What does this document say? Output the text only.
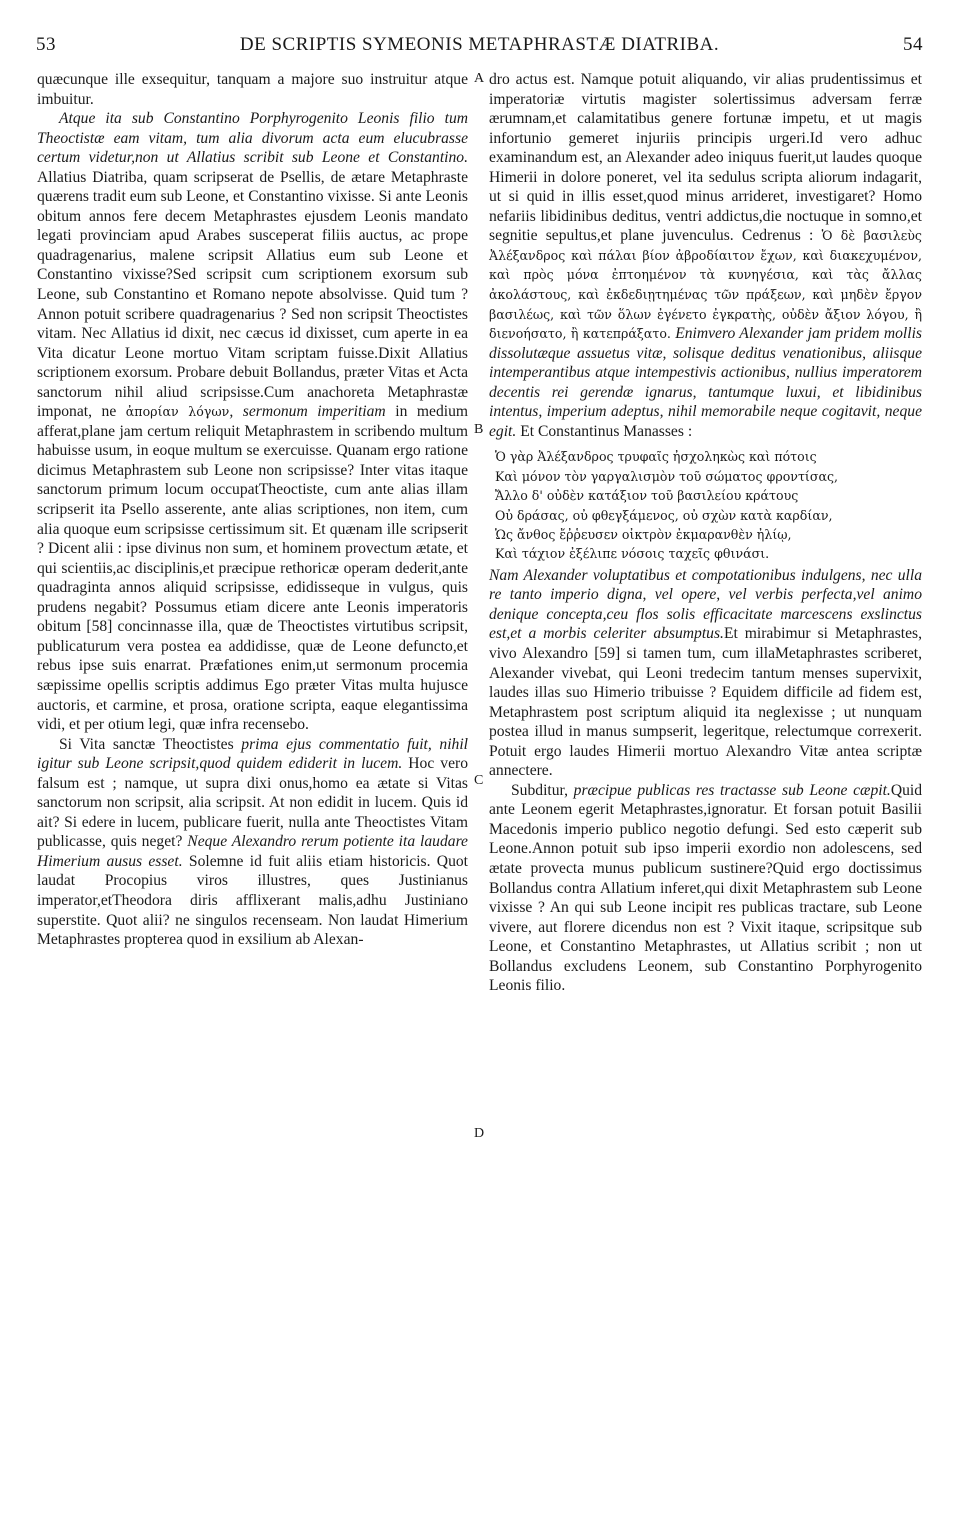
53	DE SCRIPTIS SYMEONIS METAPHRASTÆ DIATRIBA.	54
A
B
C
D

quæcunque ille exsequitur, tanquam a majore suo instruitur atque imbuitur.

Atque ita sub Constantino Porphyrogenito Leonis filio tum Theoctistæ eam vitam, tum alia divorum acta eum elucubrasse certum videtur,non ut Allatius scribit sub Leone et Constantino. Allatius Diatriba, quam scripserat de Psellis, de ætare Metaphraste quærens tradit eum sub Leone, et Constantino vixisse. Si ante Leonis obitum annos fere decem Metaphrastes ejusdem Leonis mandato legati provinciam apud Arabes susceperat filiis auctus, ac prope quadragenarius, malene scripsit Allatius eum sub Leone et Constantino vixisse?Sed scripsit cum scriptionem exorsum sub Leone, sub Constantino et Romano nepote absolvisse. Quid tum ? Annon potuit scribere quadragenarius ? Sed non scripsit Theoctistes vitam. Nec Allatius id dixit, nec cæcus id dixisset, cum aperte in ea Vita dicatur Leone mortuo Vitam scriptam fuisse.Dixit Allatius scriptionem exorsum. Probare debuit Bollandus, præter Vitas et Acta sanctorum nihil aliud scripsisse.Cum anachoreta Metaphrastæ imponat, ne ἀπορίαν λόγων, sermonum imperitiam in medium afferat,plane jam certum reliquit Metaphrastem in scribendo multum habuisse usum, in eoque multum se exercuisse. Quanam ergo ratione dicimus Metaphrastem sub Leone non scripsisse? Inter vitas itaque sanctorum primum locum occupatTheoctiste, cum ante alias illam scripserit ita Psello asserente, ante alias scriptiones, non item, cum alia quoque eum scripsisse certissimum sit. Et quænam ille scripserit ? Dicent alii : ipse divinus non sum, et hominem provectum ætate, et qui scientiis,ac disciplinis,et præcipue rethoricæ operam dederit,ante quadraginta annos aliquid scripsisse, edidisseque in vulgus, quis prudens negabit? Possumus etiam dicere ante Leonis imperatoris obitum [58] concinnasse illa, quæ de Theoctistes virtutibus scripsit, publicaturum vera postea ea addidisse, quæ de Leone defuncto,et rebus ipse suis enarrat. Præfationes enim,ut sermonum procemia sæpissime opellis scriptis addimus Ego præter Vitas multa hujusce auctoris, et carmine, et prosa, oratione scripta, eaque elegantissima vidi, et per otium legi, quæ infra recensebo.

Si Vita sanctæ Theoctistes prima ejus commentatio fuit, nihil igitur sub Leone scripsit,quod quidem ediderit in lucem. Hoc vero falsum est ; namque, ut supra dixi onus,homo ea ætate si Vitas sanctorum non scripsit, alia scripsit. At non edidit in lucem. Quis id ait? Si edere in lucem, publicare fuerit, nulla ante Theoctistes Vitam publicasse, quis neget? Neque Alexandro rerum potiente ita laudare Himerium ausus esset. Solemne id fuit aliis etiam historicis. Quot laudat Procopius viros illustres, ques Justinianus imperator,etTheodora diris afflixerant malis,adhu Justiniano superstite. Quot alii? ne singulos recenseam. Non laudat Himerium Metaphrastes propterea quod in exsilium ab Alexan-

dro actus est. Namque potuit aliquando, vir alias prudentissimus et imperatoriæ virtutis magister solertissimus adversam ferræ ærumnam,et calamitatibus genere fortunæ impetu, et ut magis infortunio gemeret injuriis principis urgeri.Id vero adhuc examinandum est, an Alexander adeo iniquus fuerit,ut laudes quoque Himerii in dolore poneret, vel ita sedulus scripta aliorum indagarit, ut si quid in illis esset,quod minus arrideret, investigaret? Homo nefariis libidinibus deditus, ventri addictus,die noctuque in somno,et segnitie sepultus,et plane juvenculus. Cedrenus : Ὁ δὲ βασιλεὺς Ἀλέξανδρος καὶ πάλαι βίον ἀβροδίαιτον ἔχων, καὶ διακεχυμένον, καὶ πρὸς μόνα ἐπτοημένον τὰ κυνηγέσια, καὶ τὰς ἄλλας ἀκολάστους, καὶ ἐκδεδιῃτημένας τῶν πράξεων, καὶ μηδὲν ἔργον βασιλέως, καὶ τῶν ὅλων ἐγένετο ἐγκρατὴς, οὐδὲν ἄξιον λόγου, ἢ διενοήσατο, ἢ κατεπράξατο. Enimvero Alexander jam pridem mollis dissolutæque assuetus vitæ, solisque deditus venationibus, aliisque intemperantibus atque intempestivis actionibus, nullius imperatorem decentis rei gerendæ ignarus, tantumque luxui, et libidinibus intentus, imperium adeptus, nihil memorabile neque cogitavit, neque egit. Et Constantinus Manasses :

Ὁ γὰρ Ἀλέξανδρος τρυφαῖς ἠσχοληκὼς καὶ πότοις
Καὶ μόνον τὸν γαργαλισμὸν τοῦ σώματος φροντίσας,
Ἄλλο δ' οὐδὲν κατάξιον τοῦ βασιλείου κράτους
Οὐ δράσας, οὐ φθεγξάμενος, οὐ σχὼν κατὰ καρδίαν,
Ὡς ἄνθος ἔῤῥευσεν οἰκτρὸν ἐκμαρανθὲν ἠλίῳ,
Καὶ τάχιον ἐξέλιπε νόσοις ταχεῖς φθινάσι.

Nam Alexander voluptatibus et compotationibus indulgens, nec ulla re tanto imperio digna, vel opere, vel verbis perfecta,vel animo denique concepta,ceu flos solis efficacitate marcescens exslinctus est,et a morbis celeriter absumptus.Et mirabimur si Metaphrastes, vivo Alexandro [59] si tamen tum, cum illaMetaphrastes scriberet, Alexander vivebat, qui Leoni tredecim tantum menses supervixit, laudes illas suo Himerio tribuisse ? Equidem difficile ad fidem est, Metaphrastem post scriptum aliquid ita neglexisse ; ut nunquam postea illud in manus sumpserit, legeritque, relectumque correxerit. Potuit ergo laudes Himerii mortuo Alexandro Vitæ antea scriptæ annectere.

Subditur, præcipue publicas res tractasse sub Leone cæpit.Quid ante Leonem egerit Metaphrastes,ignoratur. Et forsan potuit Basilii Macedonis imperio publico negotio defungi. Sed esto cæperit sub Leone.Annon potuit sub ipso imperii exordio non adolescens, sed ætate provecta munus publicum sustinere?Quid ergo doctissimus Bollandus contra Allatium inferet,qui dixit Metaphrastem sub Leone vixisse ? An qui sub Leone incipit res publicas tractare, sub Leone vivere, aut florere dicendus non est ? Vixit itaque, scripsitque sub Leone, et Constantino Metaphrastes, ut Allatius scribit ; non ut Bollandus excludens Leonem, sub Constantino Porphyrogenito Leonis filio.
